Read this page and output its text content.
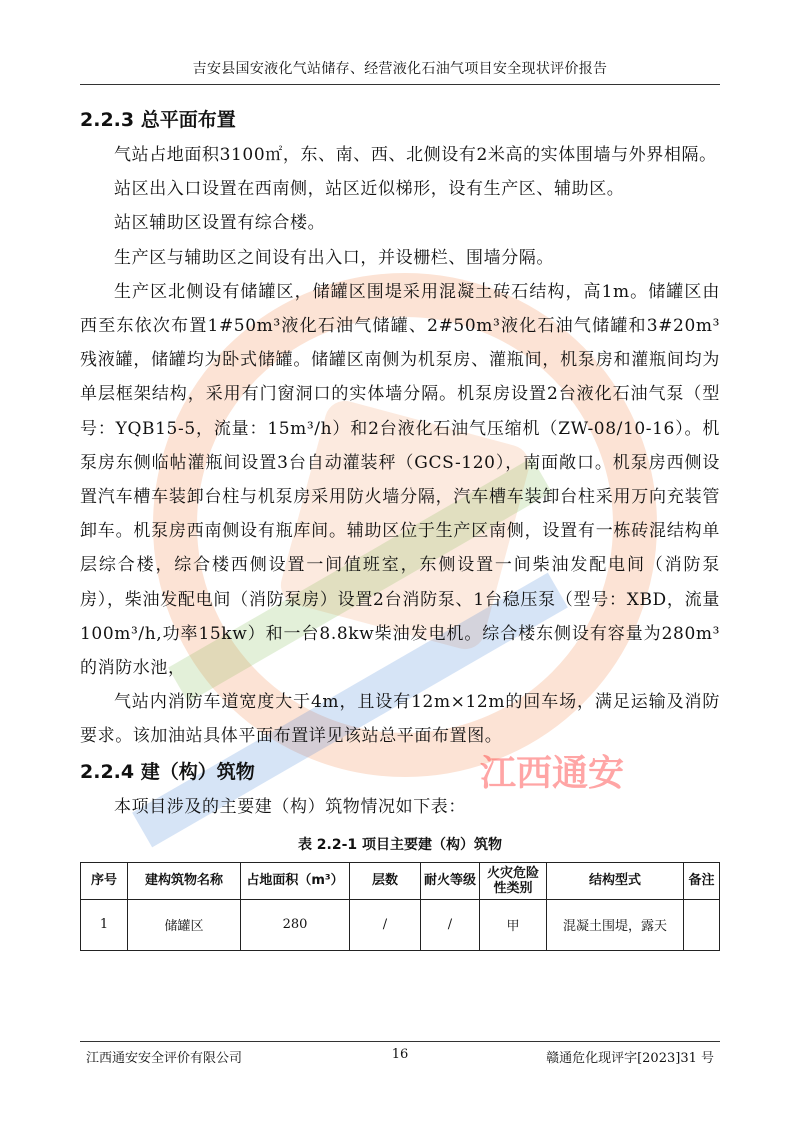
江西通安
吉安县国安液化气站储存、经营液化石油气项目安全现状评价报告
2.2.3 总平面布置

气站占地面积3100㎡，东、南、西、北侧设有2米高的实体围墙与外界相隔。

站区出入口设置在西南侧，站区近似梯形，设有生产区、辅助区。

站区辅助区设置有综合楼。

生产区与辅助区之间设有出入口，并设栅栏、围墙分隔。

生产区北侧设有储罐区，储罐区围堤采用混凝土砖石结构，高1m。储罐区由西至东依次布置1#50m³液化石油气储罐、2#50m³液化石油气储罐和3#20m³残液罐，储罐均为卧式储罐。储罐区南侧为机泵房、灌瓶间，机泵房和灌瓶间均为单层框架结构，采用有门窗洞口的实体墙分隔。机泵房设置2台液化石油气泵（型号：YQB15-5，流量：15m³/h）和2台液化石油气压缩机（ZW-08/10-16）。机泵房东侧临帖灌瓶间设置3台自动灌装秤（GCS-120），南面敞口。机泵房西侧设置汽车槽车装卸台柱与机泵房采用防火墙分隔，汽车槽车装卸台柱采用万向充装管卸车。机泵房西南侧设有瓶库间。辅助区位于生产区南侧，设置有一栋砖混结构单层综合楼，综合楼西侧设置一间值班室，东侧设置一间柴油发配电间（消防泵房），柴油发配电间（消防泵房）设置2台消防泵、1台稳压泵（型号：XBD，流量100m³/h,功率15kw）和一台8.8kw柴油发电机。综合楼东侧设有容量为280m³的消防水池，

气站内消防车道宽度大于4m，且设有12m×12m的回车场，满足运输及消防要求。该加油站具体平面布置详见该站总平面布置图。

2.2.4 建（构）筑物

本项目涉及的主要建（构）筑物情况如下表：

表 2.2-1 项目主要建（构）筑物
序号	建构筑物名称	占地面积（m³）	层数	耐火等级	火灾危险性类别	结构型式	备注
1	储罐区	280	/	/	甲	混凝土围堤，露天	
江西通安安全评价有限公司	16	赣通危化现评字[2023]31 号
